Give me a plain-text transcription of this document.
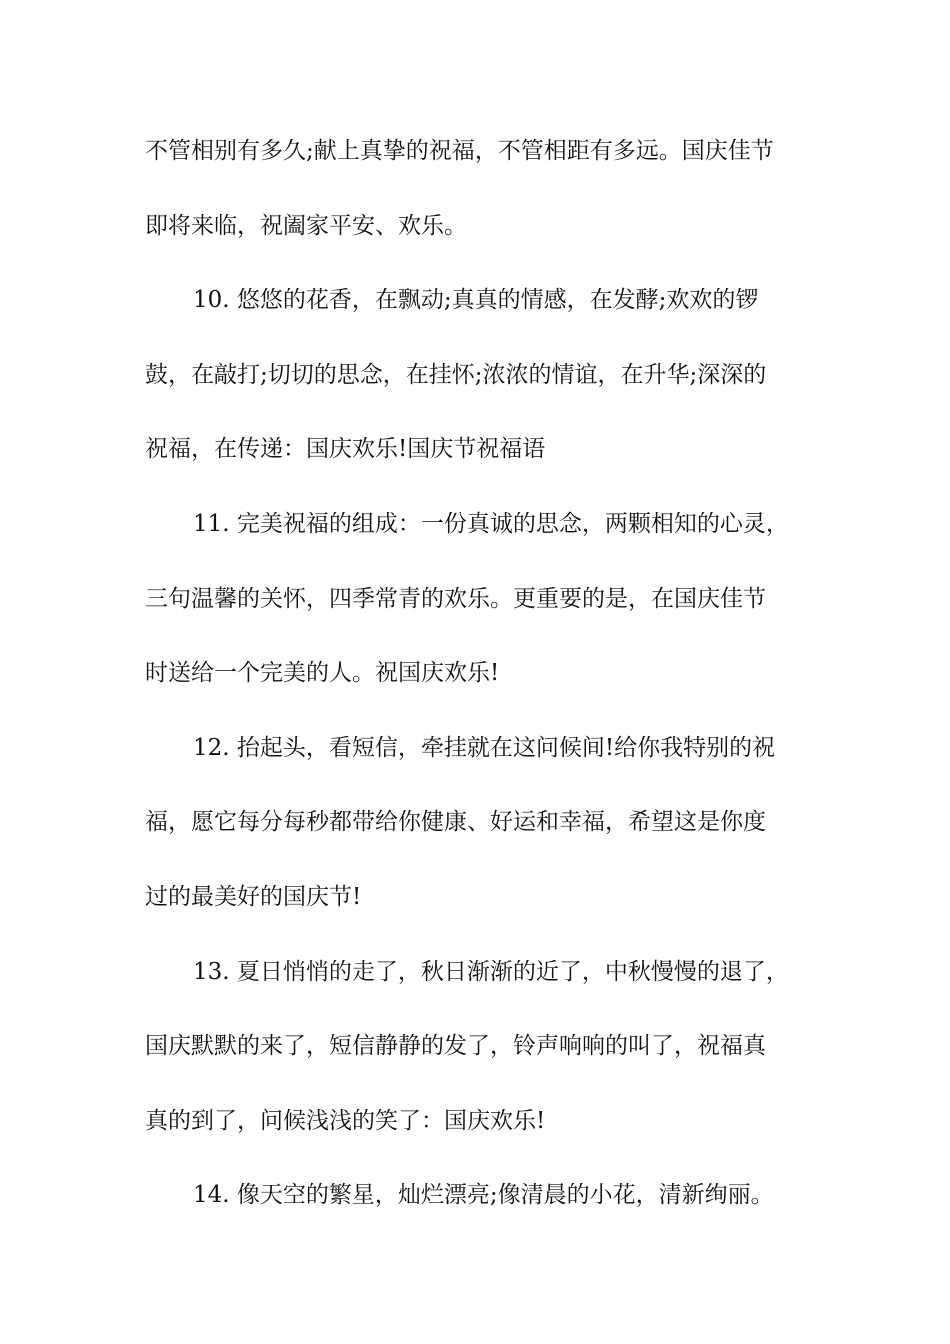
不管相别有多久;献上真挚的祝福，不管相距有多远。国庆佳节
即将来临，祝阖家平安、欢乐。
10. 悠悠的花香，在飘动;真真的情感，在发酵;欢欢的锣
鼓，在敲打;切切的思念，在挂怀;浓浓的情谊，在升华;深深的
祝福，在传递：国庆欢乐!国庆节祝福语
11. 完美祝福的组成：一份真诚的思念，两颗相知的心灵，
三句温馨的关怀，四季常青的欢乐。更重要的是，在国庆佳节
时送给一个完美的人。祝国庆欢乐!
12. 抬起头，看短信，牵挂就在这问候间!给你我特别的祝
福，愿它每分每秒都带给你健康、好运和幸福，希望这是你度
过的最美好的国庆节!
13. 夏日悄悄的走了，秋日渐渐的近了，中秋慢慢的退了，
国庆默默的来了，短信静静的发了，铃声响响的叫了，祝福真
真的到了，问候浅浅的笑了：国庆欢乐!
14. 像天空的繁星，灿烂漂亮;像清晨的小花，清新绚丽。
